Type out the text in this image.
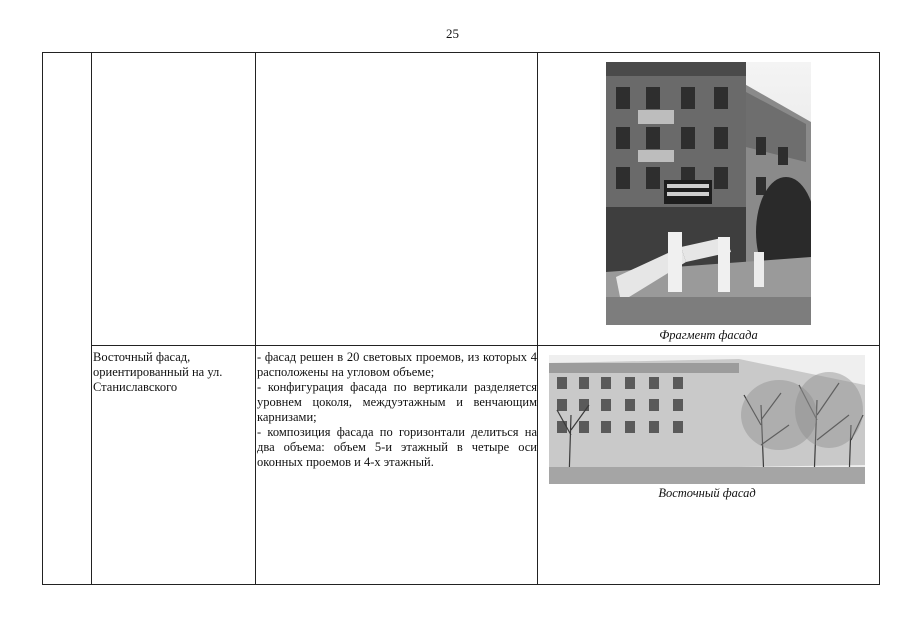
25
Восточный фасад, ориентированный на ул. Станиславского
- фасад решен в 20 световых проемов, из которых 4 расположены на угловом объеме;
- конфигурация фасада по вертикали разделяется уровнем цоколя, междуэтажным и венчающим карнизами;
- композиция фасада по горизонтали делиться на два объема: объем 5-и этажный в четыре оси оконных проемов и 4-х этажный.
Фрагмент фасада
Восточный фасад
